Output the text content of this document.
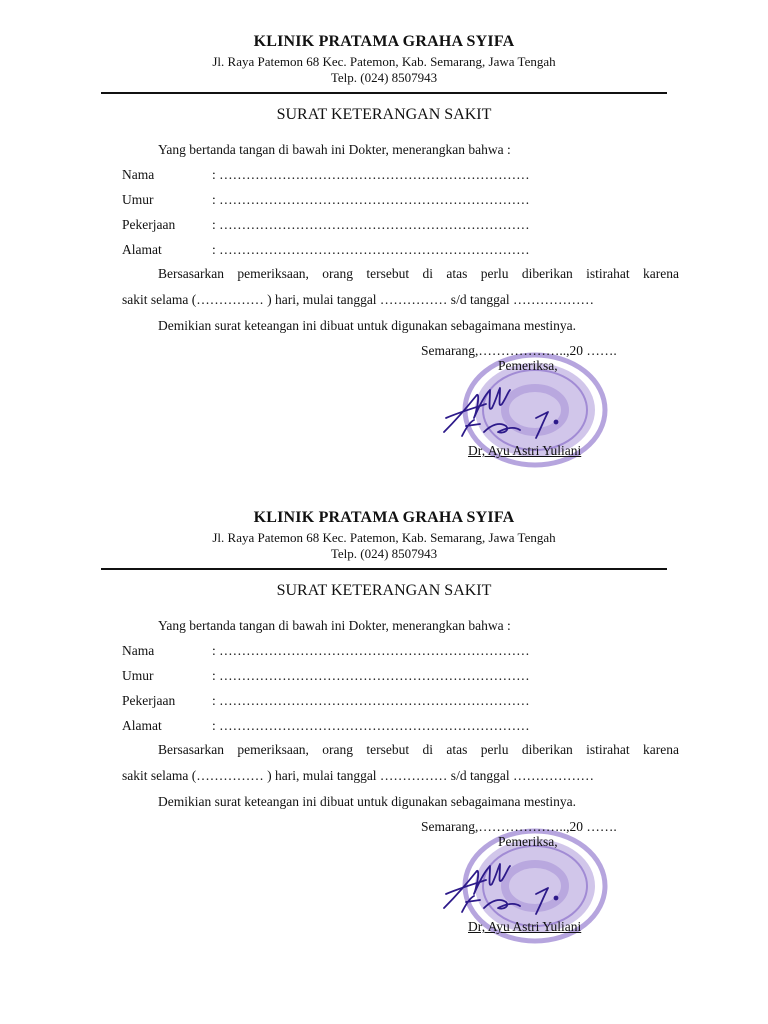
KLINIK PRATAMA GRAHA SYIFA
Jl. Raya Patemon 68 Kec. Patemon, Kab. Semarang, Jawa Tengah
Telp. (024) 8507943
SURAT KETERANGAN SAKIT
Yang bertanda tangan di bawah ini Dokter, menerangkan bahwa :
Nama	: ……………………………………………………………
Umur	: ……………………………………………………………
Pekerjaan	: ……………………………………………………………
Alamat	: ……………………………………………………………
Bersasarkan pemeriksaan, orang tersebut di atas perlu diberikan istirahat karena
sakit selama (…………… ) hari, mulai tanggal …………… s/d tanggal ………………
Demikian surat keteangan ini dibuat untuk digunakan sebagaimana mestinya.
Semarang,………………..,20 …….
Pemeriksa,
Dr, Ayu Astri Yuliani
KLINIK PRATAMA GRAHA SYIFA
Jl. Raya Patemon 68 Kec. Patemon, Kab. Semarang, Jawa Tengah
Telp. (024) 8507943
SURAT KETERANGAN SAKIT
Yang bertanda tangan di bawah ini Dokter, menerangkan bahwa :
Nama	: ……………………………………………………………
Umur	: ……………………………………………………………
Pekerjaan	: ……………………………………………………………
Alamat	: ……………………………………………………………
Bersasarkan pemeriksaan, orang tersebut di atas perlu diberikan istirahat karena
sakit selama (…………… ) hari, mulai tanggal …………… s/d tanggal ………………
Demikian surat keteangan ini dibuat untuk digunakan sebagaimana mestinya.
Semarang,………………..,20 …….
Pemeriksa,
Dr, Ayu Astri Yuliani
